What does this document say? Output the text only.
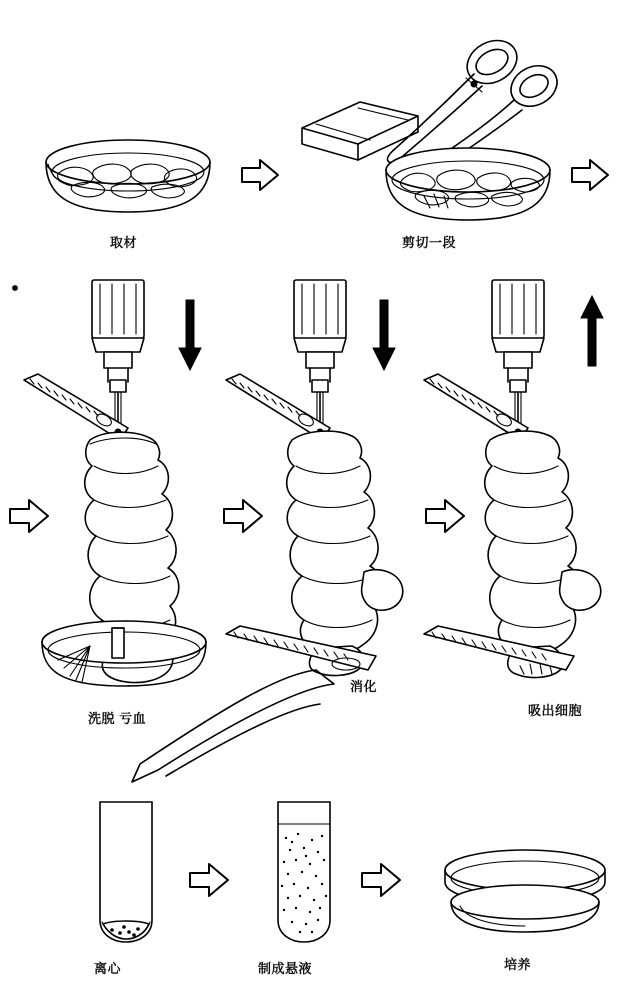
取材	剪切一段
洗脱 亏血
消化
吸出细胞
离心	制成悬液	培养
